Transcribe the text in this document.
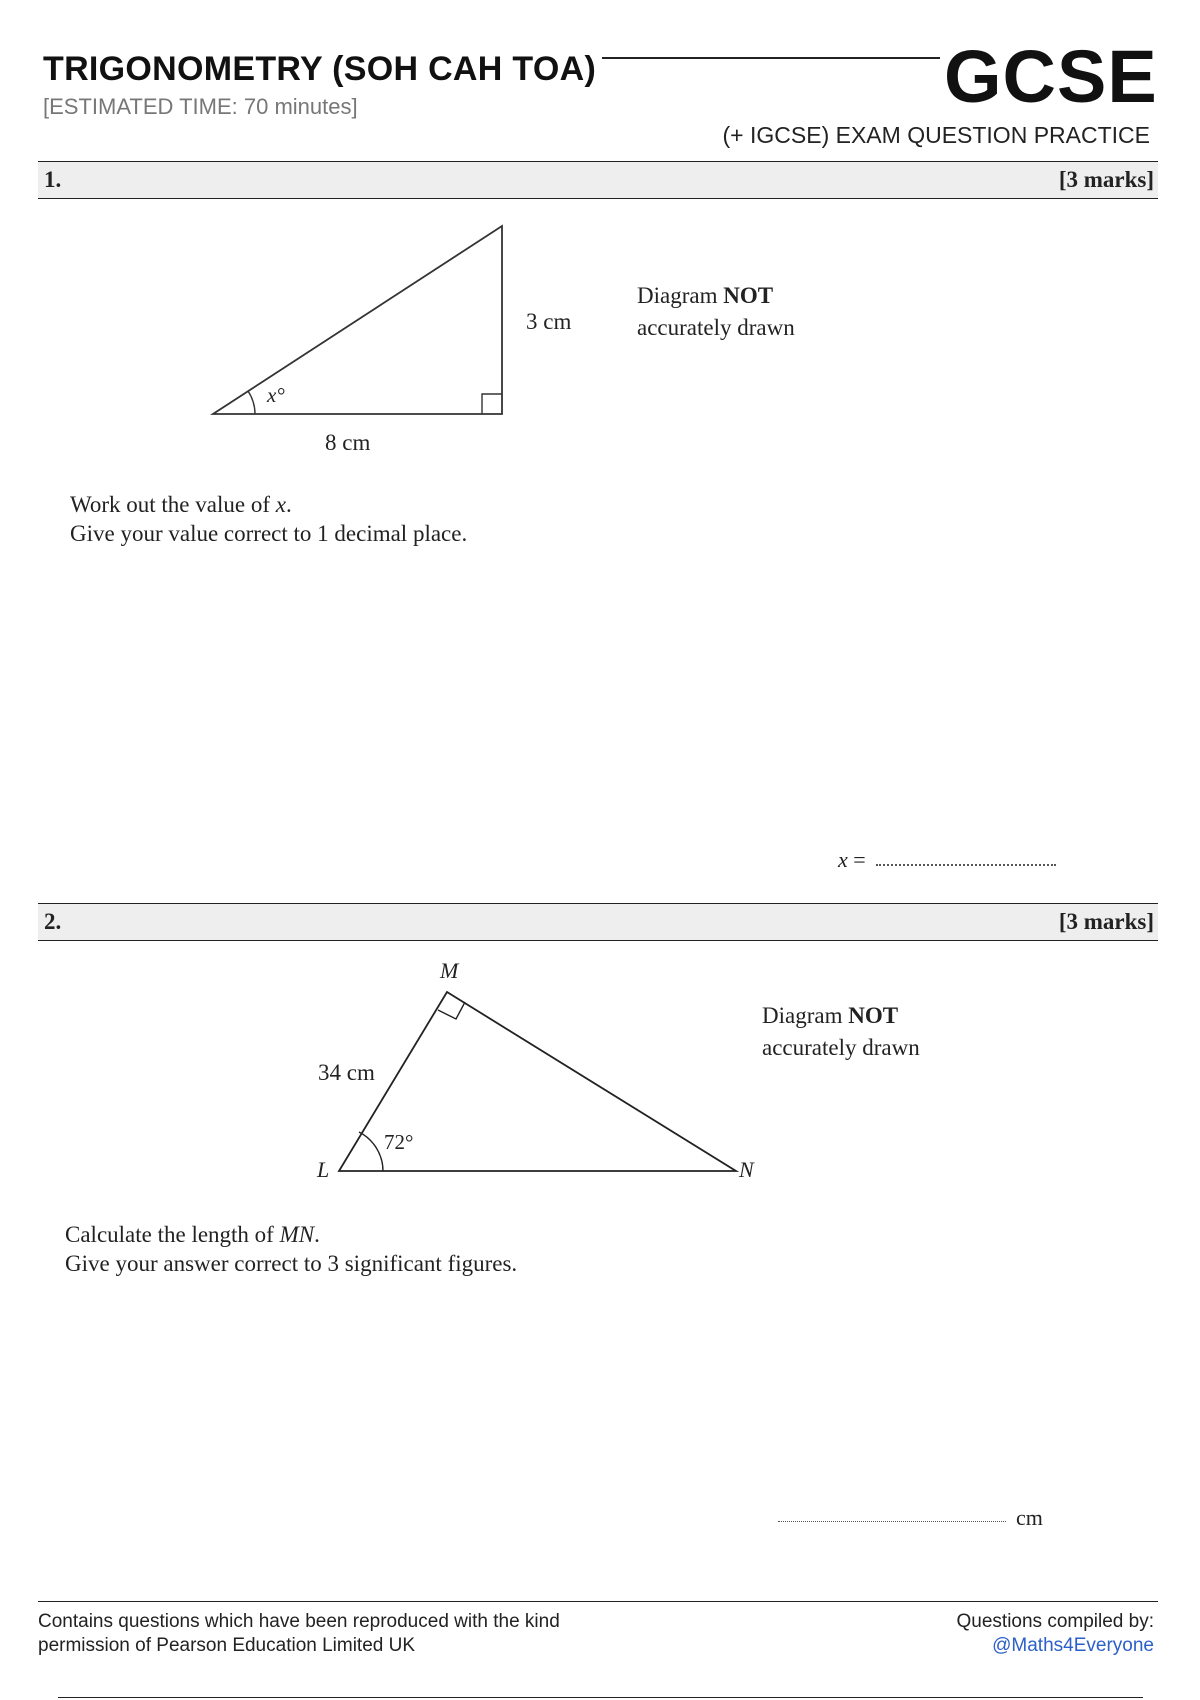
TRIGONOMETRY (SOH CAH TOA)
[ESTIMATED TIME: 70 minutes]	GCSE
(+ IGCSE) EXAM QUESTION PRACTICE
1.	[3 marks]
3 cm
8 cm
x°
Diagram NOT
accurately drawn
Work out the value of x.
Give your value correct to 1 decimal place.
x =
2.	[3 marks]
M
L	N
34 cm
72°
Diagram NOT
accurately drawn
Calculate the length of MN.
Give your answer correct to 3 significant figures.
cm
Contains questions which have been reproduced with the kind
permission of Pearson Education Limited UK
Questions compiled by:
@Maths4Everyone
